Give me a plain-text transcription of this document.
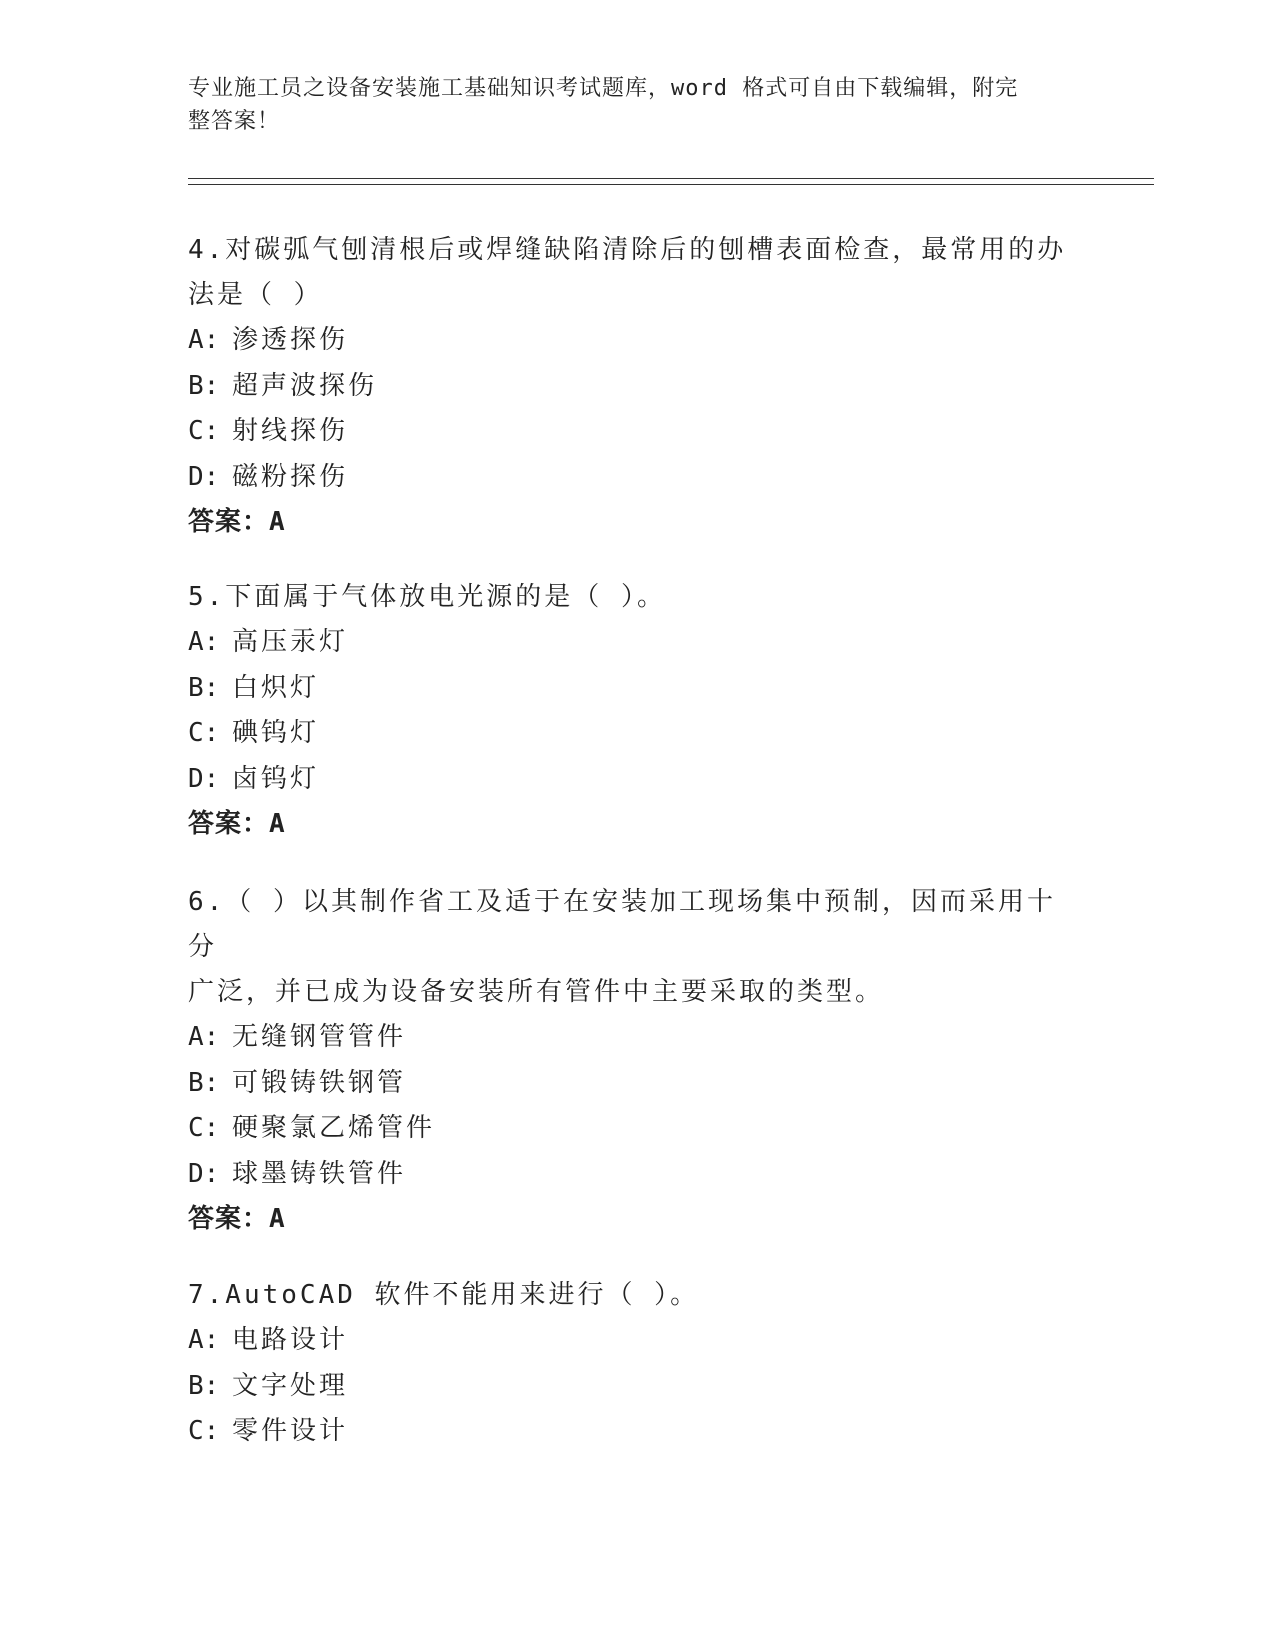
专业施工员之设备安装施工基础知识考试题库，word 格式可自由下载编辑，附完
整答案！
4.对碳弧气刨清根后或焊缝缺陷清除后的刨槽表面检查，最常用的办
法是（ ）
A: 渗透探伤
B: 超声波探伤
C: 射线探伤
D: 磁粉探伤
答案：A
5.下面属于气体放电光源的是（ ）。
A: 高压汞灯
B: 白炽灯
C: 碘钨灯
D: 卤钨灯
答案：A
6.（ ）以其制作省工及适于在安装加工现场集中预制，因而采用十分
广泛，并已成为设备安装所有管件中主要采取的类型。
A: 无缝钢管管件
B: 可锻铸铁钢管
C: 硬聚氯乙烯管件
D: 球墨铸铁管件
答案：A
7.AutoCAD 软件不能用来进行（ ）。
A: 电路设计
B: 文字处理
C: 零件设计
